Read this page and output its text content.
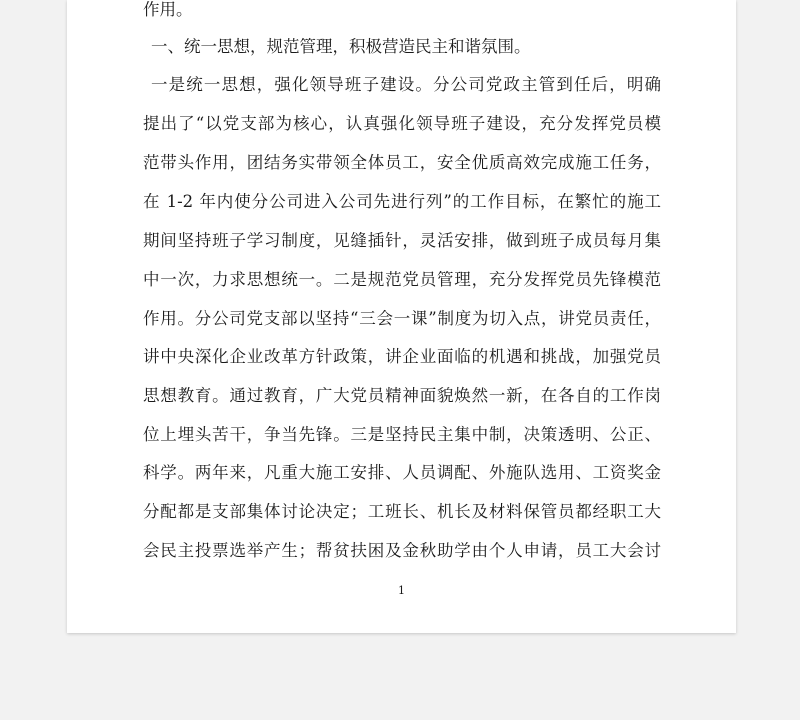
作用。
一、统一思想，规范管理，积极营造民主和谐氛围。
一是统一思想，强化领导班子建设。分公司党政主管到任后，明确
提出了“以党支部为核心，认真强化领导班子建设，充分发挥党员模
范带头作用，团结务实带领全体员工，安全优质高效完成施工任务，
在 1-2 年内使分公司进入公司先进行列”的工作目标，在繁忙的施工
期间坚持班子学习制度，见缝插针，灵活安排，做到班子成员每月集
中一次，力求思想统一。二是规范党员管理，充分发挥党员先锋模范
作用。分公司党支部以坚持“三会一课”制度为切入点，讲党员责任，
讲中央深化企业改革方针政策，讲企业面临的机遇和挑战，加强党员
思想教育。通过教育，广大党员精神面貌焕然一新，在各自的工作岗
位上埋头苦干，争当先锋。三是坚持民主集中制，决策透明、公正、
科学。两年来，凡重大施工安排、人员调配、外施队选用、工资奖金
分配都是支部集体讨论决定；工班长、机长及材料保管员都经职工大
会民主投票选举产生；帮贫扶困及金秋助学由个人申请，员工大会讨
1
